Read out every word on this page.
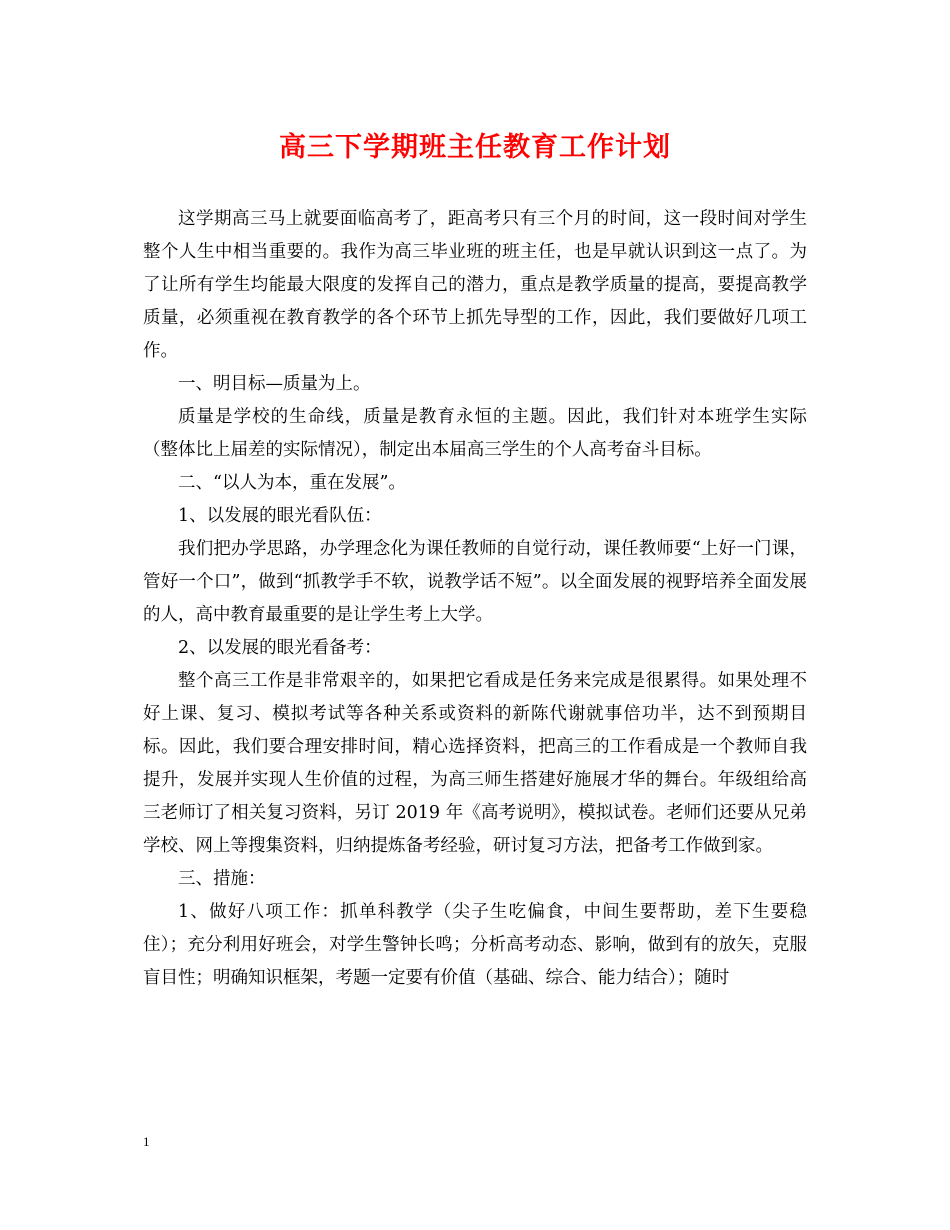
高三下学期班主任教育工作计划

这学期高三马上就要面临高考了，距高考只有三个月的时间，这一段时间对学生整个人生中相当重要的。我作为高三毕业班的班主任，也是早就认识到这一点了。为了让所有学生均能最大限度的发挥自己的潜力，重点是教学质量的提高，要提高教学质量，必须重视在教育教学的各个环节上抓先导型的工作，因此，我们要做好几项工作。

一、明目标—质量为上。

质量是学校的生命线，质量是教育永恒的主题。因此，我们针对本班学生实际（整体比上届差的实际情况），制定出本届高三学生的个人高考奋斗目标。

二、“以人为本，重在发展”。

1、以发展的眼光看队伍：

我们把办学思路，办学理念化为课任教师的自觉行动，课任教师要“上好一门课，管好一个口”，做到“抓教学手不软，说教学话不短”。以全面发展的视野培养全面发展的人，高中教育最重要的是让学生考上大学。

2、以发展的眼光看备考：

整个高三工作是非常艰辛的，如果把它看成是任务来完成是很累得。如果处理不好上课、复习、模拟考试等各种关系或资料的新陈代谢就事倍功半，达不到预期目标。因此，我们要合理安排时间，精心选择资料，把高三的工作看成是一个教师自我提升，发展并实现人生价值的过程，为高三师生搭建好施展才华的舞台。年级组给高三老师订了相关复习资料，另订 2019 年《高考说明》，模拟试卷。老师们还要从兄弟学校、网上等搜集资料，归纳提炼备考经验，研讨复习方法，把备考工作做到家。

三、措施：

1、做好八项工作：抓单科教学（尖子生吃偏食，中间生要帮助，差下生要稳住）；充分利用好班会，对学生警钟长鸣；分析高考动态、影响，做到有的放矢，克服盲目性；明确知识框架，考题一定要有价值（基础、综合、能力结合）；随时

1
